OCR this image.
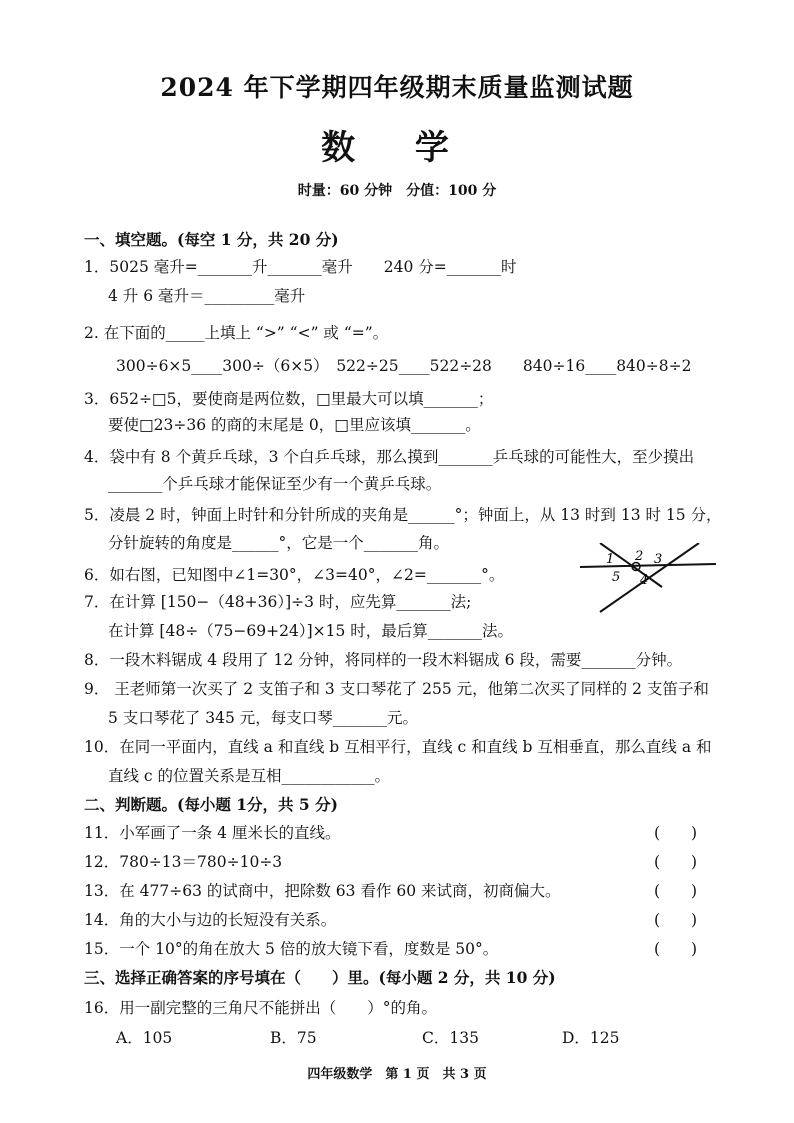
2024 年下学期四年级期末质量监测试题
数 学
时量：60 分钟　分值：100 分
一、填空题。(每空 1 分，共 20 分)
1．5025 毫升=_______升_______毫升　　240 分=_______时
4 升 6 毫升＝_________毫升
2. 在下面的_____上填上 “>” “<” 或 “=”。
300÷6×5____300÷（6×5）　522÷25____522÷28　　840÷16____840÷8÷2
3．652÷□5，要使商是两位数，□里最大可以填_______；
要使□23÷36 的商的末尾是 0，□里应该填_______。
4．袋中有 8 个黄乒乓球，3 个白乒乓球，那么摸到_______乒乓球的可能性大，至少摸出
_______个乒乓球才能保证至少有一个黄乒乓球。
5．凌晨 2 时，钟面上时针和分针所成的夹角是______°；钟面上，从 13 时到 13 时 15 分，
分针旋转的角度是______°，它是一个_______角。
6．如右图，已知图中∠1=30°，∠3=40°，∠2=_______°。
7．在计算 [150−（48+36）]÷3 时，应先算_______法;
在计算 [48÷（75−69+24）]×15 时，最后算_______法。
8．一段木料锯成 4 段用了 12 分钟，将同样的一段木料锯成 6 段，需要_______分钟。
9． 王老师第一次买了 2 支笛子和 3 支口琴花了 255 元，他第二次买了同样的 2 支笛子和
5 支口琴花了 345 元，每支口琴_______元。
10．在同一平面内，直线 a 和直线 b 互相平行，直线 c 和直线 b 互相垂直，那么直线 a 和
直线 c 的位置关系是互相____________。
1 2 3
5 4
二、判断题。(每小题 1分，共 5 分)
11．小军画了一条 4 厘米长的直线。	(　　)
12．780÷13＝780÷10÷3	(　　)
13．在 477÷63 的试商中，把除数 63 看作 60 来试商，初商偏大。	(　　)
14．角的大小与边的长短没有关系。	(　　)
15．一个 10°的角在放大 5 倍的放大镜下看，度数是 50°。	(　　)
三、选择正确答案的序号填在（　　）里。(每小题 2 分，共 10 分)
16．用一副完整的三角尺不能拼出（　　）°的角。
A．105	B．75	C．135	D．125
四年级数学　第 1 页　共 3 页
